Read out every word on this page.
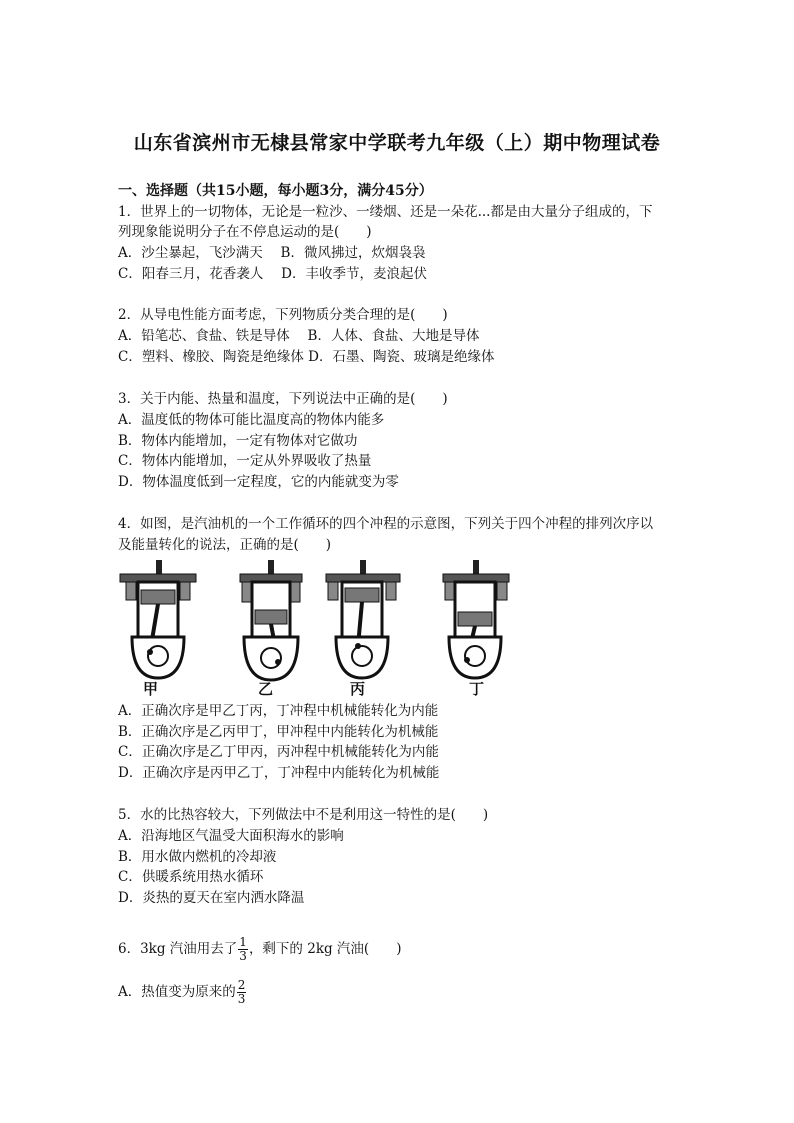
山东省滨州市无棣县常家中学联考九年级（上）期中物理试卷
一、选择题（共15小题，每小题3分，满分45分）
1．世界上的一切物体，无论是一粒沙、一缕烟、还是一朵花...都是由大量分子组成的，下
列现象能说明分子在不停息运动的是(　　)
A．沙尘暴起，飞沙满天　 B．微风拂过，炊烟袅袅
C．阳春三月，花香袭人　 D．丰收季节，麦浪起伏
2．从导电性能方面考虑，下列物质分类合理的是(　　)
A．铅笔芯、食盐、铁是导体　 B．人体、食盐、大地是导体
C．塑料、橡胶、陶瓷是绝缘体 D．石墨、陶瓷、玻璃是绝缘体
3．关于内能、热量和温度，下列说法中正确的是(　　)
A．温度低的物体可能比温度高的物体内能多
B．物体内能增加，一定有物体对它做功
C．物体内能增加，一定从外界吸收了热量
D．物体温度低到一定程度，它的内能就变为零
4．如图，是汽油机的一个工作循环的四个冲程的示意图，下列关于四个冲程的排列次序以
及能量转化的说法，正确的是(　　)
甲	乙	丙	丁
A．正确次序是甲乙丁丙，丁冲程中机械能转化为内能
B．正确次序是乙丙甲丁，甲冲程中内能转化为机械能
C．正确次序是乙丁甲丙，丙冲程中机械能转化为内能
D．正确次序是丙甲乙丁，丁冲程中内能转化为机械能
5．水的比热容较大，下列做法中不是利用这一特性的是(　　)
A．沿海地区气温受大面积海水的影响
B．用水做内燃机的冷却液
C．供暖系统用热水循环
D．炎热的夏天在室内洒水降温
6．3kg 汽油用去了 $\frac{1}{3}$ ，剩下的 2kg 汽油(　　)
A．热值变为原来的 $\frac{2}{3}$
